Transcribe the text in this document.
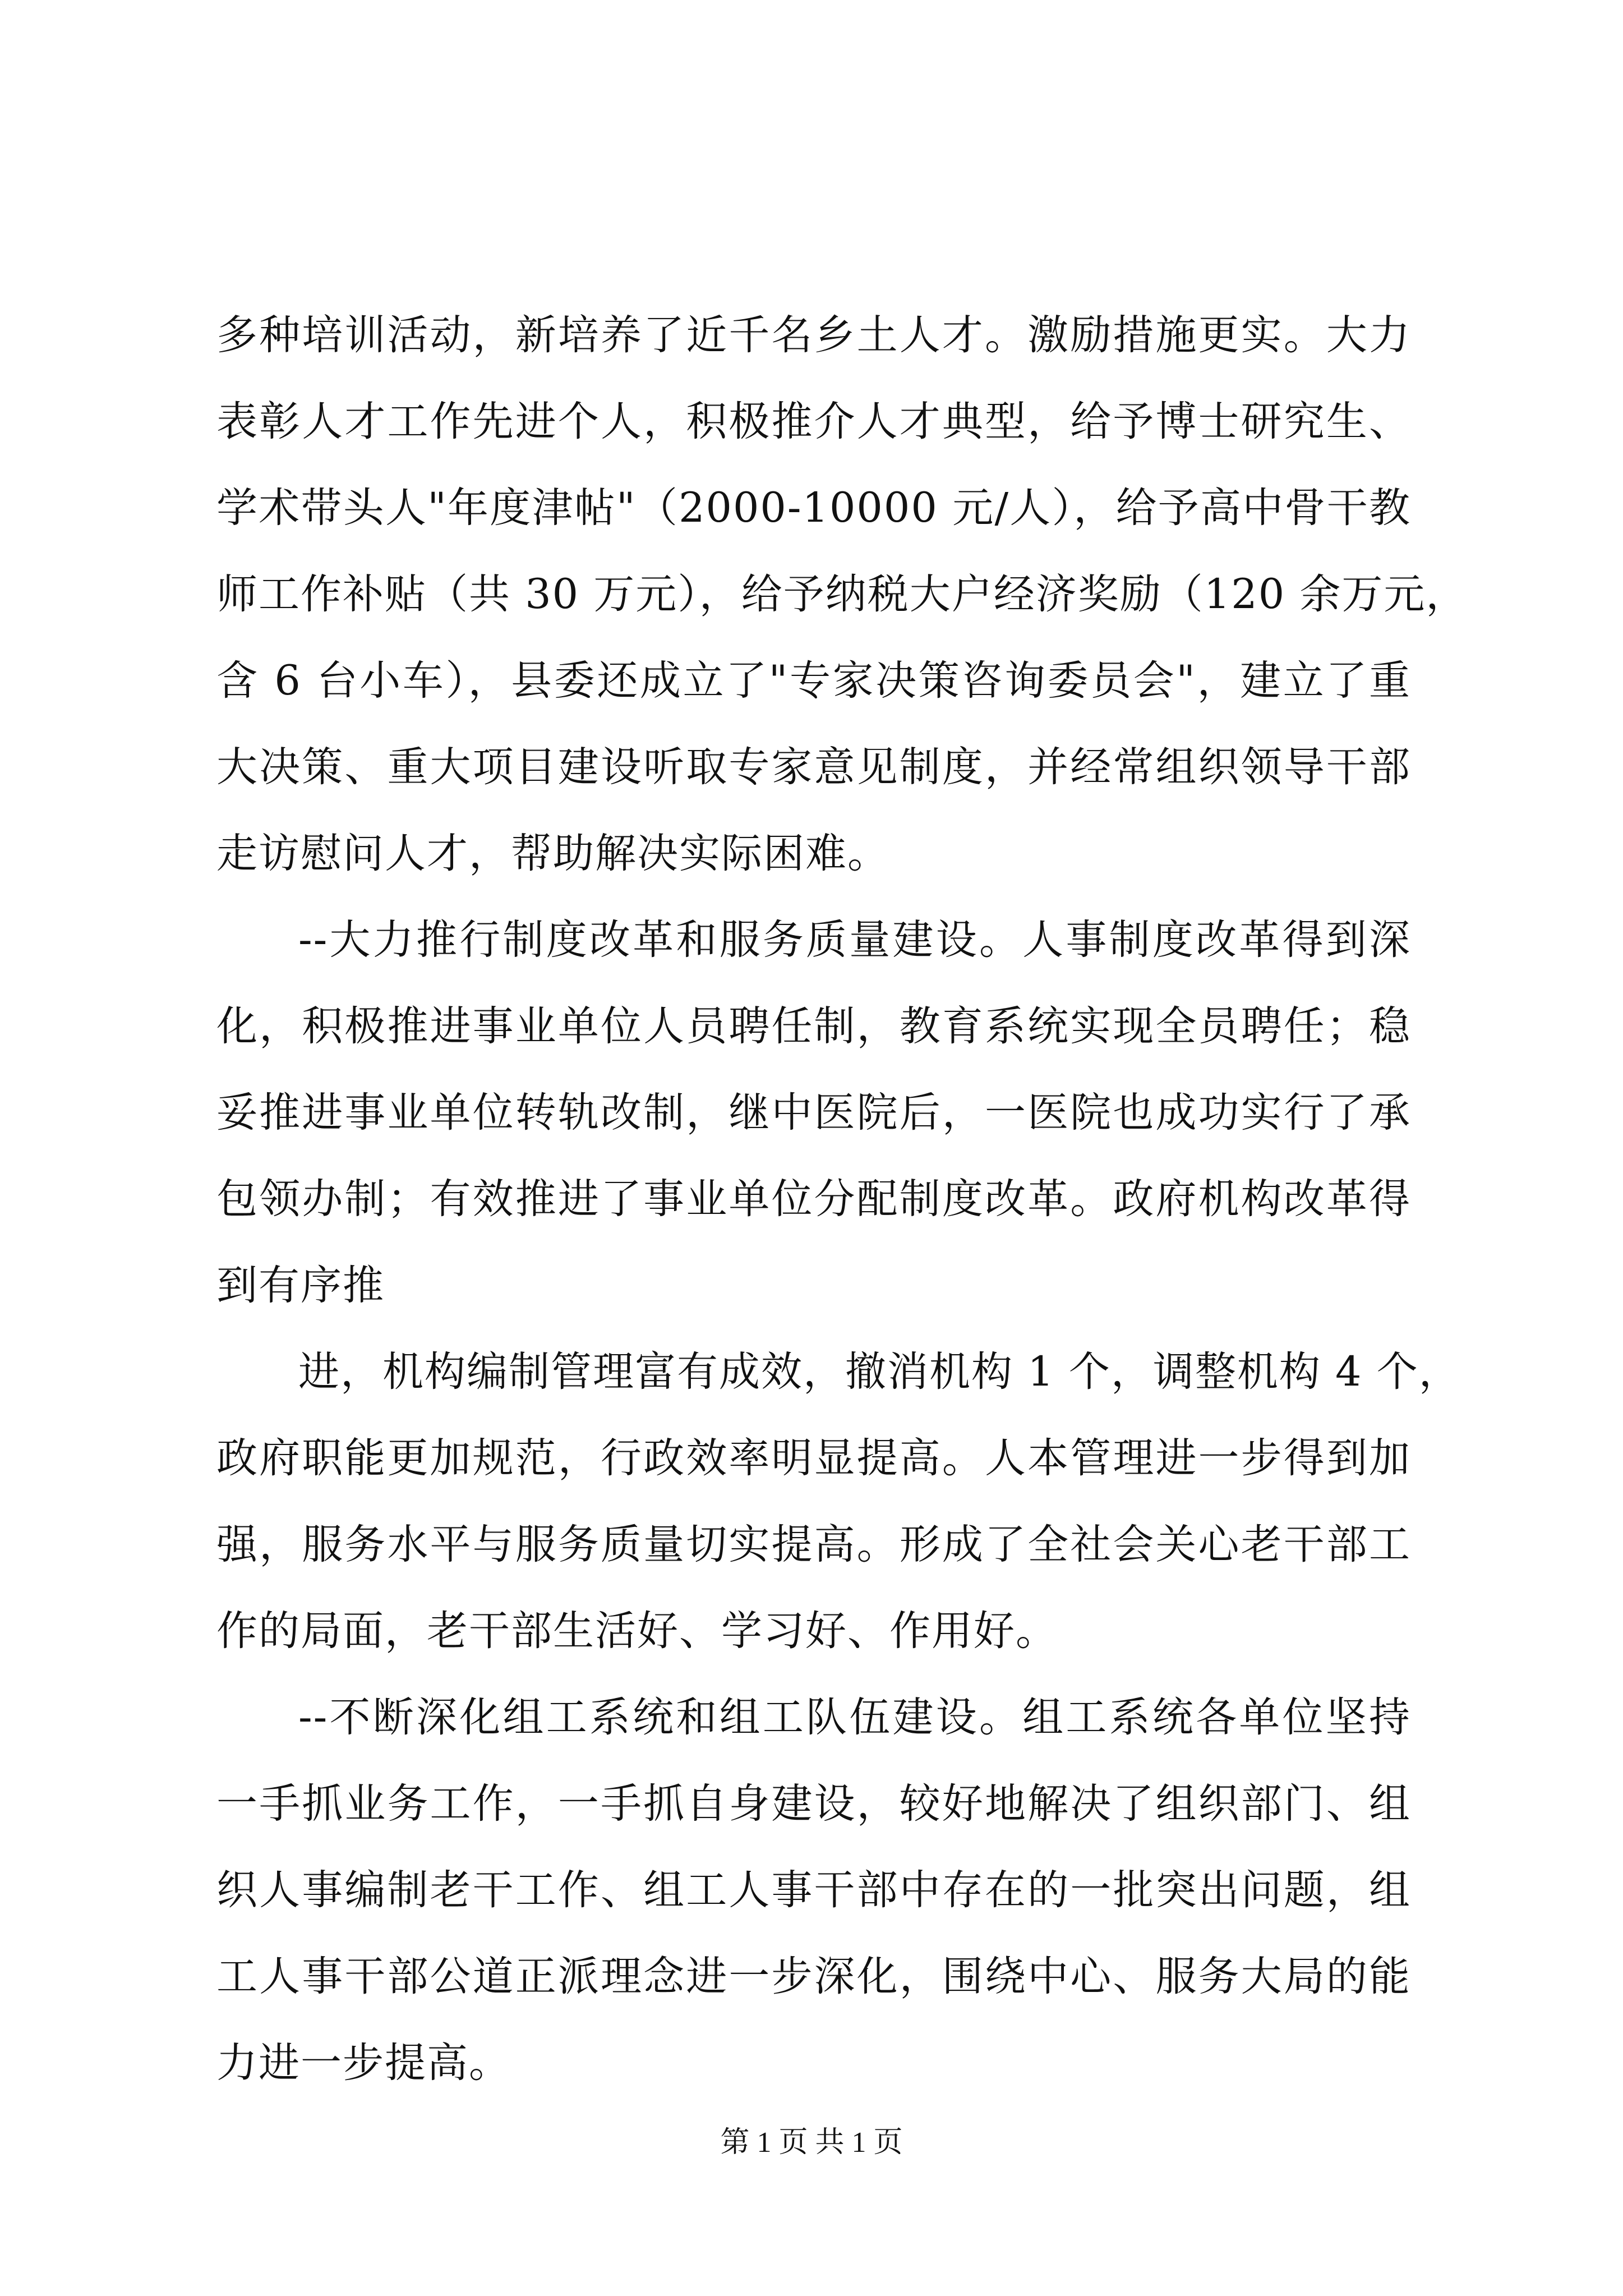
多种培训活动，新培养了近千名乡土人才。激励措施更实。大力
表彰人才工作先进个人，积极推介人才典型，给予博士研究生、
学术带头人"年度津帖"（2000-10000 元/人），给予高中骨干教
师工作补贴（共 30 万元），给予纳税大户经济奖励（120 余万元，
含 6 台小车），县委还成立了"专家决策咨询委员会"，建立了重
大决策、重大项目建设听取专家意见制度，并经常组织领导干部
走访慰问人才，帮助解决实际困难。
--大力推行制度改革和服务质量建设。人事制度改革得到深
化，积极推进事业单位人员聘任制，教育系统实现全员聘任；稳
妥推进事业单位转轨改制，继中医院后，一医院也成功实行了承
包领办制；有效推进了事业单位分配制度改革。政府机构改革得
到有序推
进，机构编制管理富有成效，撤消机构 1 个，调整机构 4 个，
政府职能更加规范，行政效率明显提高。人本管理进一步得到加
强，服务水平与服务质量切实提高。形成了全社会关心老干部工
作的局面，老干部生活好、学习好、作用好。
--不断深化组工系统和组工队伍建设。组工系统各单位坚持
一手抓业务工作，一手抓自身建设，较好地解决了组织部门、组
织人事编制老干工作、组工人事干部中存在的一批突出问题，组
工人事干部公道正派理念进一步深化，围绕中心、服务大局的能
力进一步提高。
第 1 页 共 1 页
